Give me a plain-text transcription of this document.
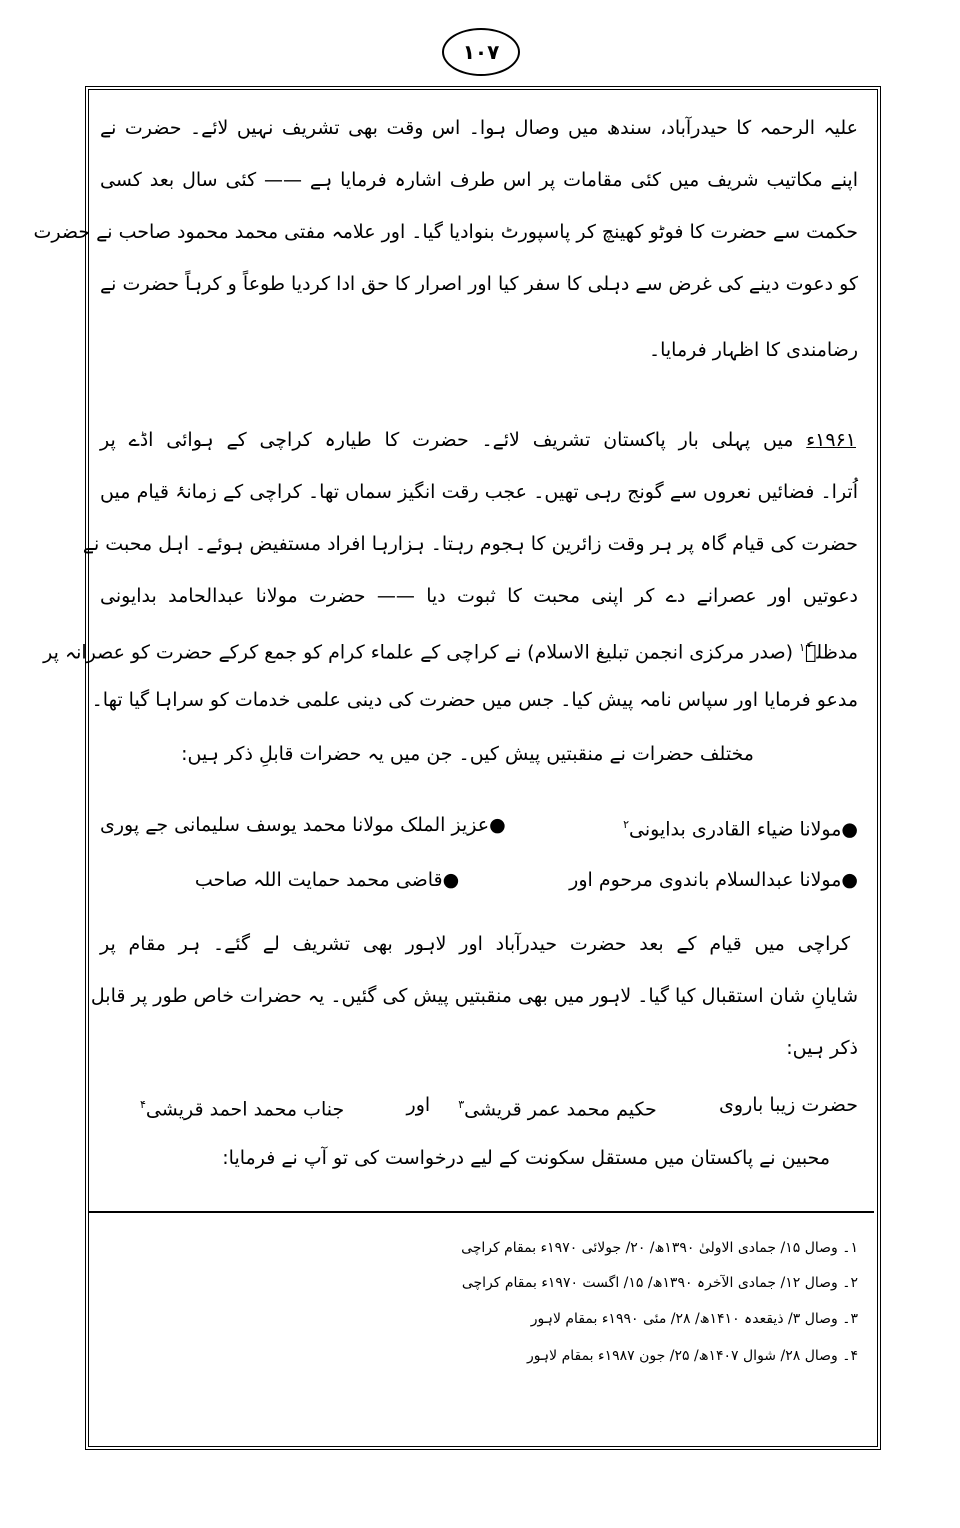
۱۰۷
علیہ الرحمہ کا حیدرآباد، سندھ میں وصال ہوا۔ اس وقت بھی تشریف نہیں لائے۔ حضرت نے
اپنے مکاتیب شریف میں کئی مقامات پر اس طرف اشارہ فرمایا ہے —— کئی سال بعد کسی
حکمت سے حضرت کا فوٹو کھینچ کر پاسپورٹ بنوادیا گیا۔ اور علامہ مفتی محمد محمود صاحب نے حضرت
کو دعوت دینے کی غرض سے دہلی کا سفر کیا اور اصرار کا حق ادا کردیا طوعاً و کرہاً حضرت نے
رضامندی کا اظہار فرمایا۔
۱۹۶۱ء میں پہلی بار پاکستان تشریف لائے۔ حضرت کا طیارہ کراچی کے ہوائی اڈے پر
اُترا۔ فضائیں نعروں سے گونج رہی تھیں۔ عجب رقت انگیز سماں تھا۔ کراچی کے زمانۂ قیام میں
حضرت کی قیام گاہ پر ہر وقت زائرین کا ہجوم رہتا۔ ہزارہا افراد مستفیض ہوئے۔ اہل محبت نے
دعوتیں اور عصرانے دے کر اپنی محبت کا ثبوت دیا —— حضرت مولانا عبدالحامد بدایونی
مدظلہٗ$^۱$ (صدر مرکزی انجمن تبلیغ الاسلام) نے کراچی کے علماء کرام کو جمع کرکے حضرت کو عصرانہ پر
مدعو فرمایا اور سپاس نامہ پیش کیا۔ جس میں حضرت کی دینی علمی خدمات کو سراہا گیا تھا۔
مختلف حضرات نے منقبتیں پیش کیں۔ جن میں یہ حضرات قابلِ ذکر ہیں:
●مولانا ضیاء القادری بدایونی$^۲$
●عزیز الملک مولانا محمد یوسف سلیمانی جے پوری
●مولانا عبدالسلام باندوی مرحوم اور
●قاضی محمد حمایت اللہ صاحب
کراچی میں قیام کے بعد حضرت حیدرآباد اور لاہور بھی تشریف لے گئے۔ ہر مقام پر
شایانِ شان استقبال کیا گیا۔ لاہور میں بھی منقبتیں پیش کی گئیں۔ یہ حضرات خاص طور پر قابل
ذکر ہیں:
حضرت زیبا باروی
حکیم محمد عمر قریشی$^۳$
اور
جناب محمد احمد قریشی$^۴$
محبین نے پاکستان میں مستقل سکونت کے لیے درخواست کی تو آپ نے فرمایا:
۱۔ وصال ۱۵/ جمادی الاولیٰ ۱۳۹۰ھ/ ۲۰/ جولائی ۱۹۷۰ء بمقام کراچی
۲۔ وصال ۱۲/ جمادی الآخرہ ۱۳۹۰ھ/ ۱۵/ اگست ۱۹۷۰ء بمقام کراچی
۳۔ وصال ۳/ ذیقعدہ ۱۴۱۰ھ/ ۲۸/ مئی ۱۹۹۰ء بمقام لاہور
۴۔ وصال ۲۸/ شوال ۱۴۰۷ھ/ ۲۵/ جون ۱۹۸۷ء بمقام لاہور
